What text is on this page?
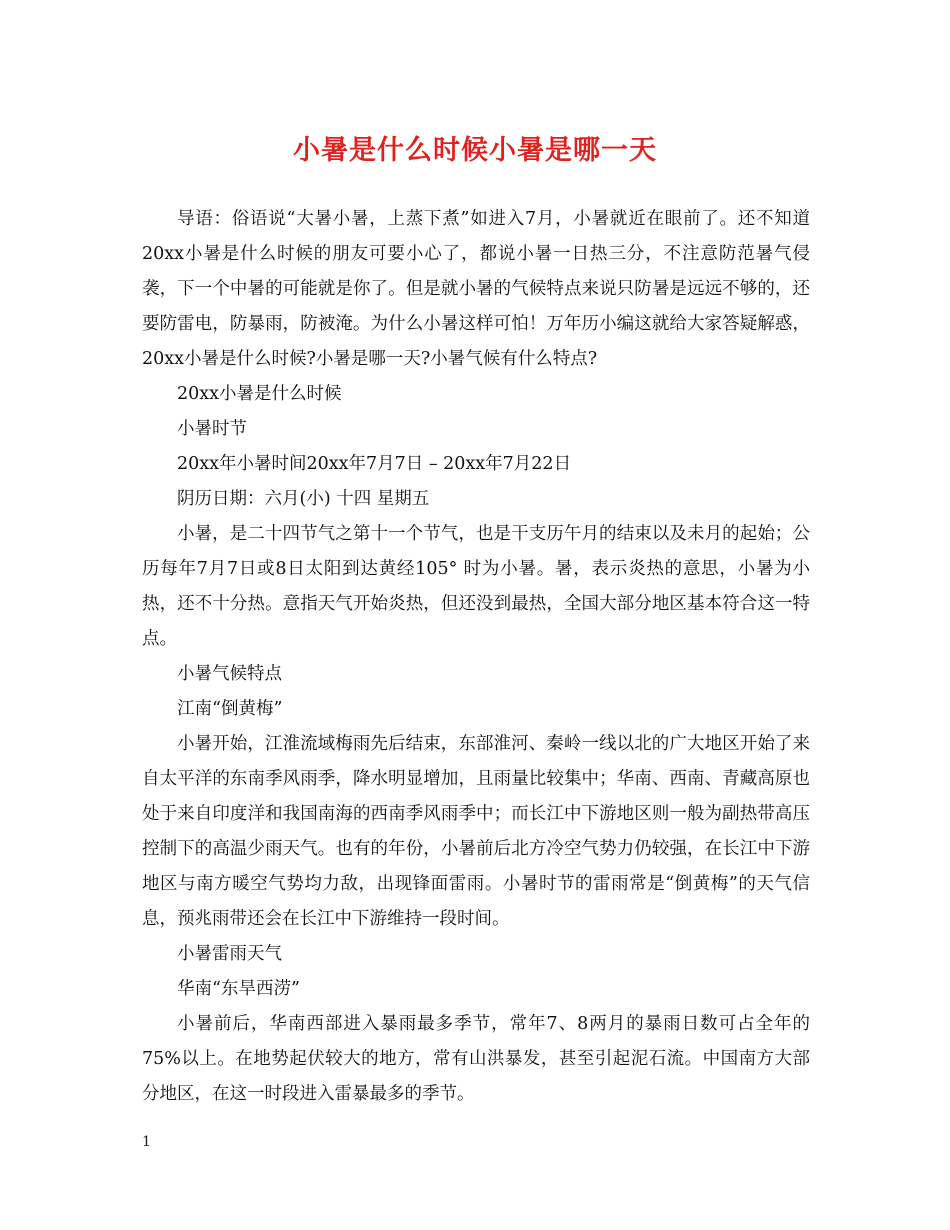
小暑是什么时候小暑是哪一天

导语：俗语说“大暑小暑，上蒸下煮”如进入7月，小暑就近在眼前了。还不知道20xx小暑是什么时候的朋友可要小心了，都说小暑一日热三分，不注意防范暑气侵袭，下一个中暑的可能就是你了。但是就小暑的气候特点来说只防暑是远远不够的，还要防雷电，防暴雨，防被淹。为什么小暑这样可怕！万年历小编这就给大家答疑解惑，20xx小暑是什么时候?小暑是哪一天?小暑气候有什么特点?

20xx小暑是什么时候

小暑时节

20xx年小暑时间20xx年7月7日 – 20xx年7月22日

阴历日期：六月(小) 十四 星期五

小暑，是二十四节气之第十一个节气，也是干支历午月的结束以及未月的起始；公历每年7月7日或8日太阳到达黄经105° 时为小暑。暑，表示炎热的意思，小暑为小热，还不十分热。意指天气开始炎热，但还没到最热，全国大部分地区基本符合这一特点。

小暑气候特点

江南“倒黄梅”

小暑开始，江淮流域梅雨先后结束，东部淮河、秦岭一线以北的广大地区开始了来自太平洋的东南季风雨季，降水明显增加，且雨量比较集中；华南、西南、青藏高原也处于来自印度洋和我国南海的西南季风雨季中；而长江中下游地区则一般为副热带高压控制下的高温少雨天气。也有的年份，小暑前后北方冷空气势力仍较强，在长江中下游地区与南方暖空气势均力敌，出现锋面雷雨。小暑时节的雷雨常是“倒黄梅”的天气信息，预兆雨带还会在长江中下游维持一段时间。

小暑雷雨天气

华南“东旱西涝”

小暑前后，华南西部进入暴雨最多季节，常年7、8两月的暴雨日数可占全年的75%以上。在地势起伏较大的地方，常有山洪暴发，甚至引起泥石流。中国南方大部分地区，在这一时段进入雷暴最多的季节。

1
